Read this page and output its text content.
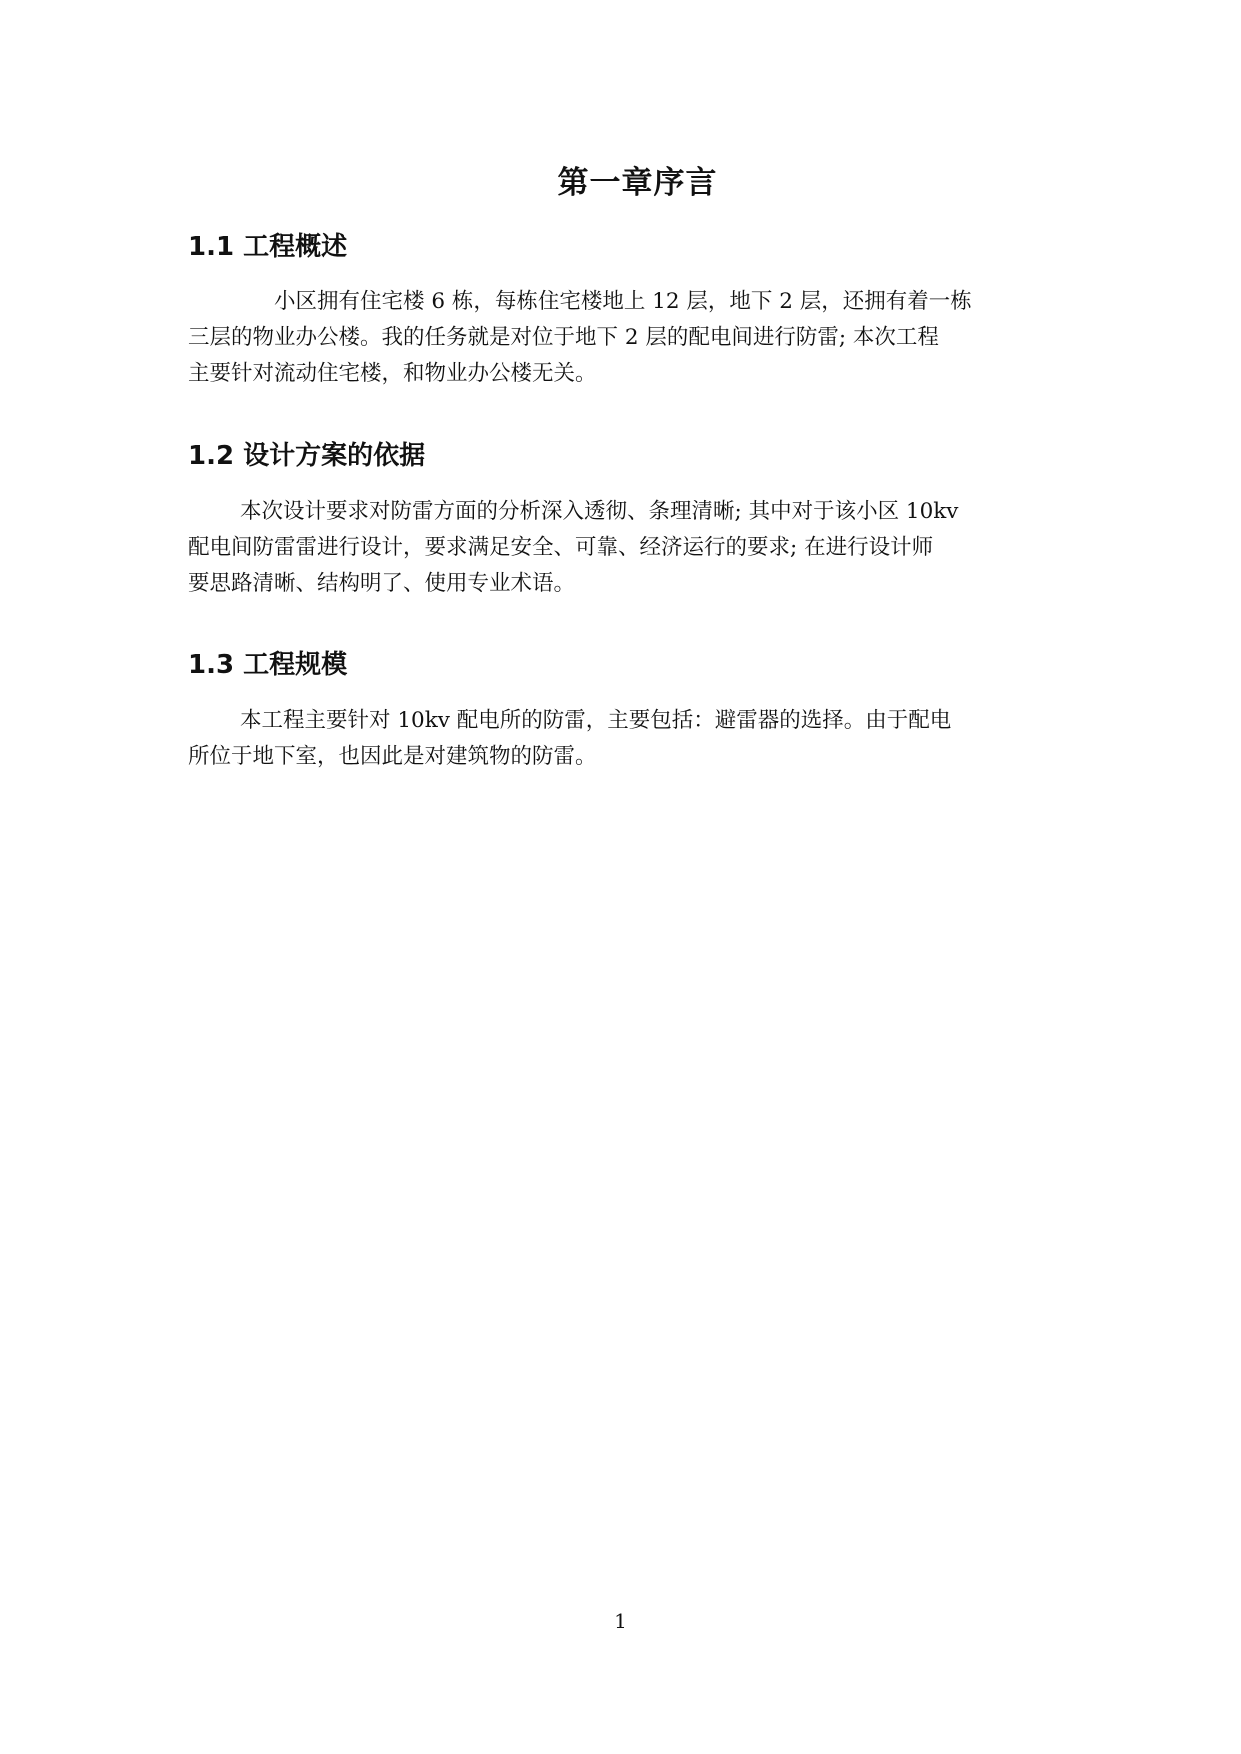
第一章序言
1.1 工程概述
小区拥有住宅楼 6 栋，每栋住宅楼地上 12 层，地下 2 层，还拥有着一栋
三层的物业办公楼。我的任务就是对位于地下 2 层的配电间进行防雷; 本次工程
主要针对流动住宅楼，和物业办公楼无关。
1.2 设计方案的依据
本次设计要求对防雷方面的分析深入透彻、条理清晰; 其中对于该小区 10kv
配电间防雷雷进行设计，要求满足安全、可靠、经济运行的要求; 在进行设计师
要思路清晰、结构明了、使用专业术语。
1.3 工程规模
本工程主要针对 10kv 配电所的防雷，主要包括：避雷器的选择。由于配电
所位于地下室，也因此是对建筑物的防雷。
1
